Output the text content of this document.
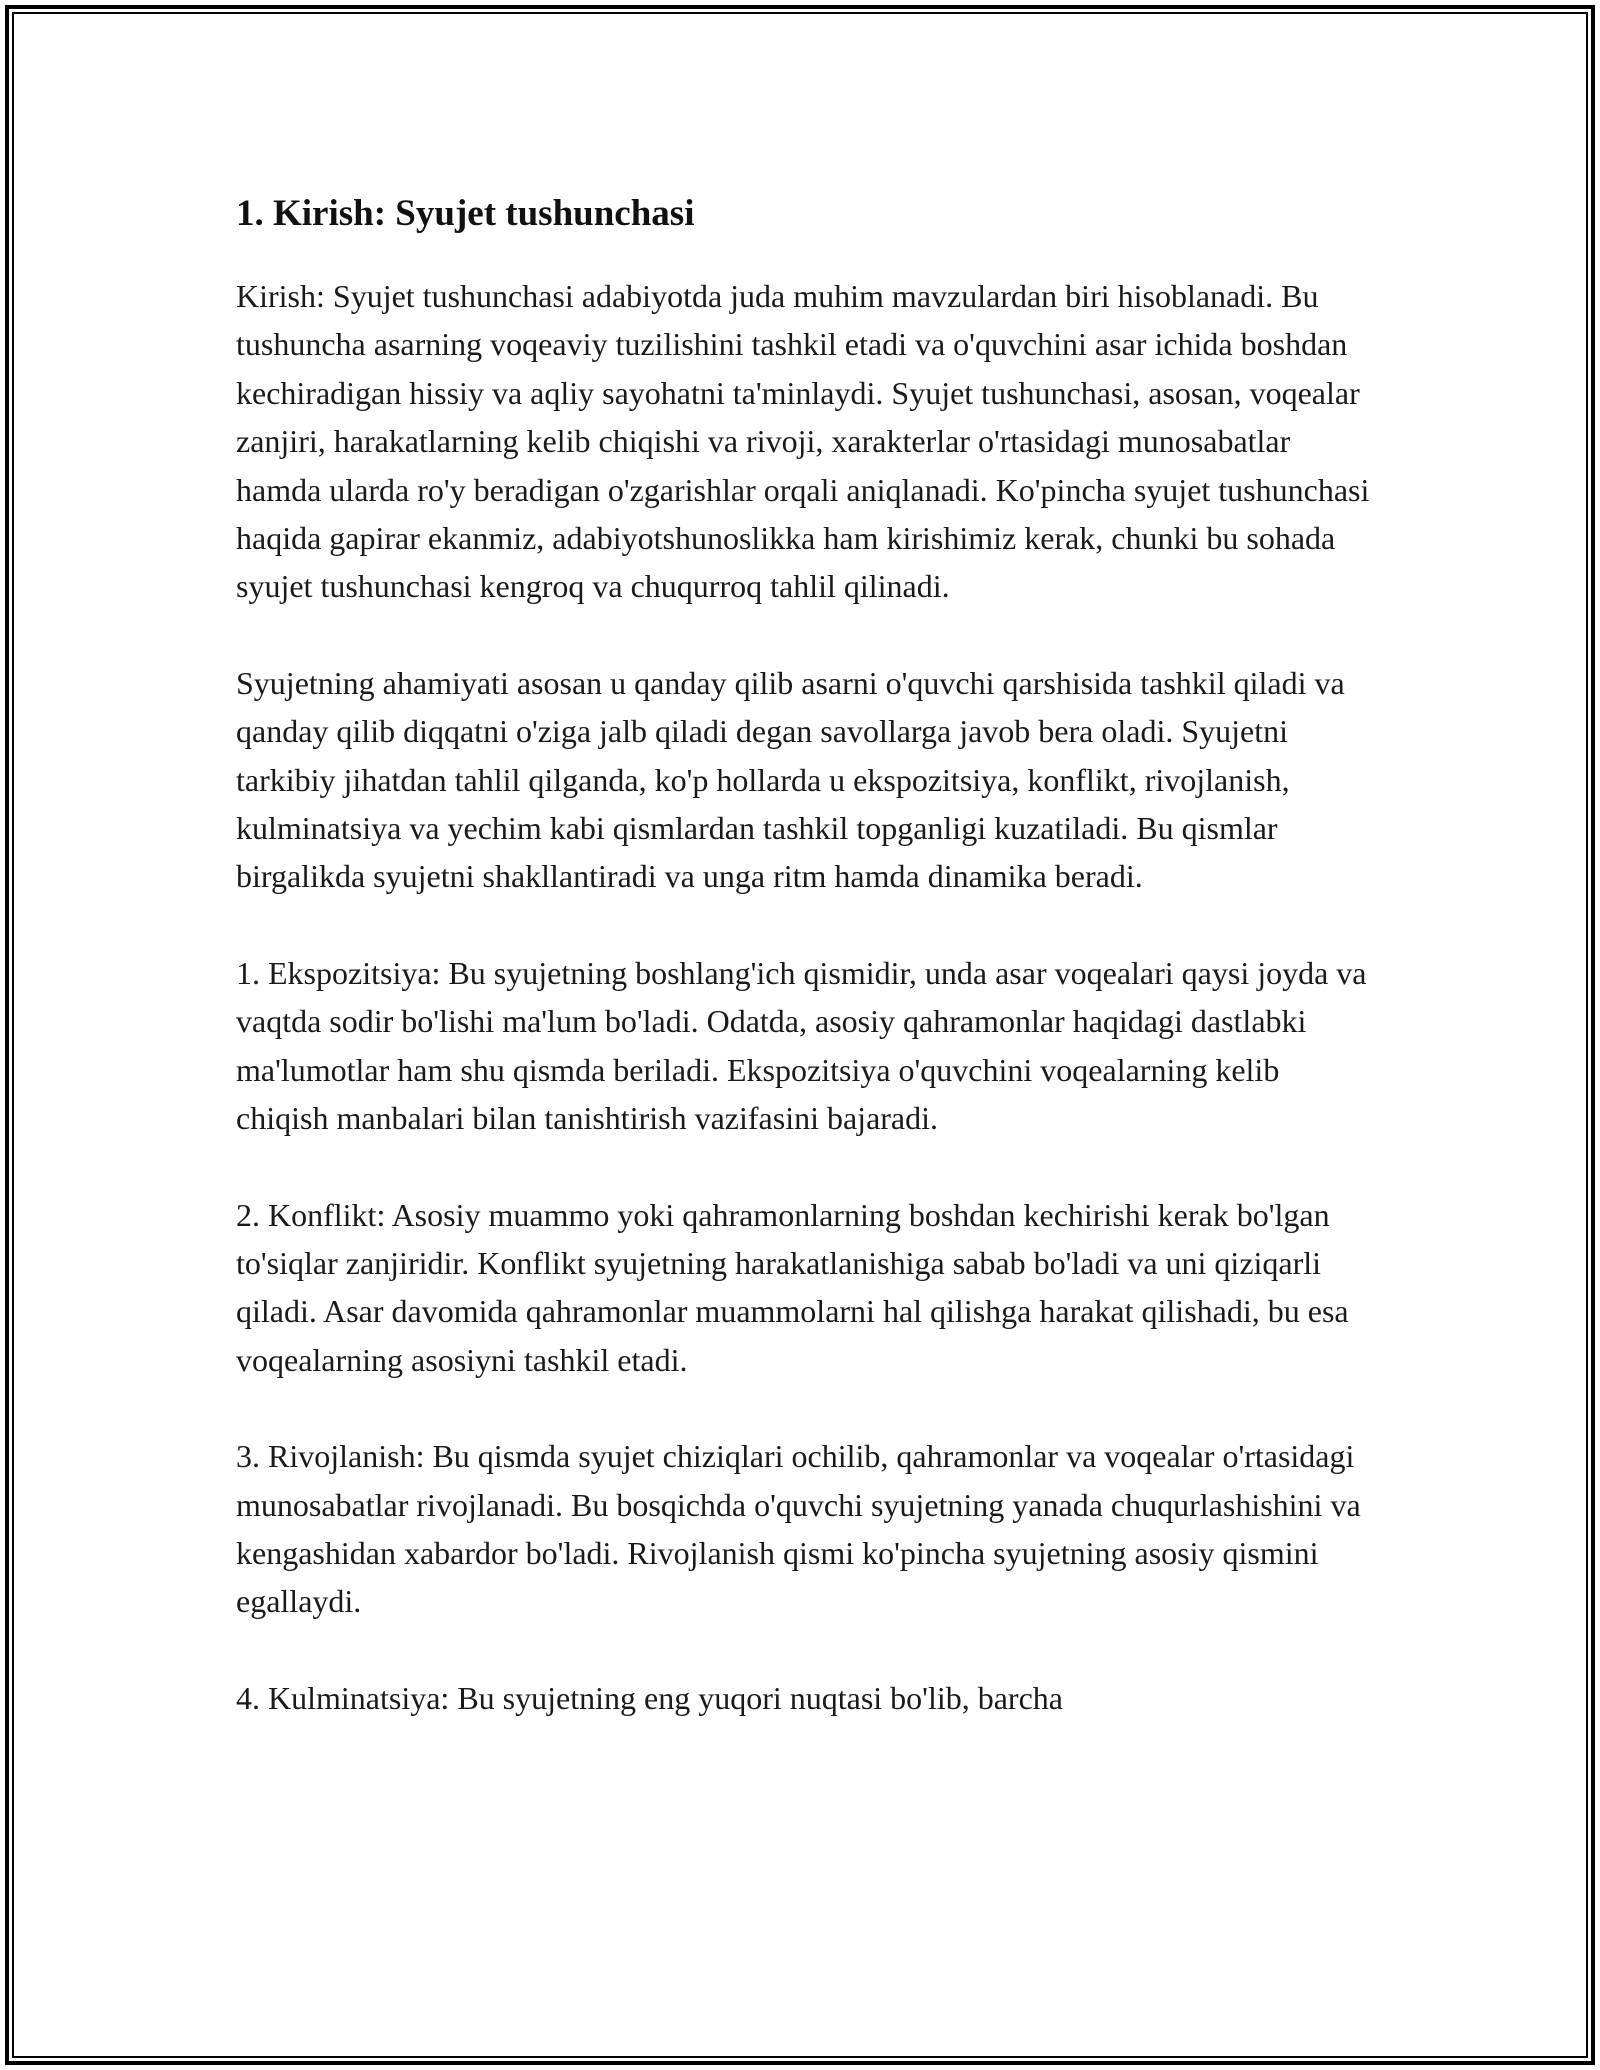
1. Kirish: Syujet tushunchasi

Kirish: Syujet tushunchasi adabiyotda juda muhim mavzulardan biri hisoblanadi. Bu tushuncha asarning voqeaviy tuzilishini tashkil etadi va o'quvchini asar ichida boshdan kechiradigan hissiy va aqliy sayohatni ta'minlaydi. Syujet tushunchasi, asosan, voqealar zanjiri, harakatlarning kelib chiqishi va rivoji, xarakterlar o'rtasidagi munosabatlar hamda ularda ro'y beradigan o'zgarishlar orqali aniqlanadi. Ko'pincha syujet tushunchasi haqida gapirar ekanmiz, adabiyotshunoslikka ham kirishimiz kerak, chunki bu sohada syujet tushunchasi kengroq va chuqurroq tahlil qilinadi.

Syujetning ahamiyati asosan u qanday qilib asarni o'quvchi qarshisida tashkil qiladi va qanday qilib diqqatni o'ziga jalb qiladi degan savollarga javob bera oladi. Syujetni tarkibiy jihatdan tahlil qilganda, ko'p hollarda u ekspozitsiya, konflikt, rivojlanish, kulminatsiya va yechim kabi qismlardan tashkil topganligi kuzatiladi. Bu qismlar birgalikda syujetni shakllantiradi va unga ritm hamda dinamika beradi.

1. Ekspozitsiya: Bu syujetning boshlang'ich qismidir, unda asar voqealari qaysi joyda va vaqtda sodir bo'lishi ma'lum bo'ladi. Odatda, asosiy qahramonlar haqidagi dastlabki ma'lumotlar ham shu qismda beriladi. Ekspozitsiya o'quvchini voqealarning kelib chiqish manbalari bilan tanishtirish vazifasini bajaradi.

2. Konflikt: Asosiy muammo yoki qahramonlarning boshdan kechirishi kerak bo'lgan to'siqlar zanjiridir. Konflikt syujetning harakatlanishiga sabab bo'ladi va uni qiziqarli qiladi. Asar davomida qahramonlar muammolarni hal qilishga harakat qilishadi, bu esa voqealarning asosiyni tashkil etadi.

3. Rivojlanish: Bu qismda syujet chiziqlari ochilib, qahramonlar va voqealar o'rtasidagi munosabatlar rivojlanadi. Bu bosqichda o'quvchi syujetning yanada chuqurlashishini va kengashidan xabardor bo'ladi. Rivojlanish qismi ko'pincha syujetning asosiy qismini egallaydi.

4. Kulminatsiya: Bu syujetning eng yuqori nuqtasi bo'lib, barcha
